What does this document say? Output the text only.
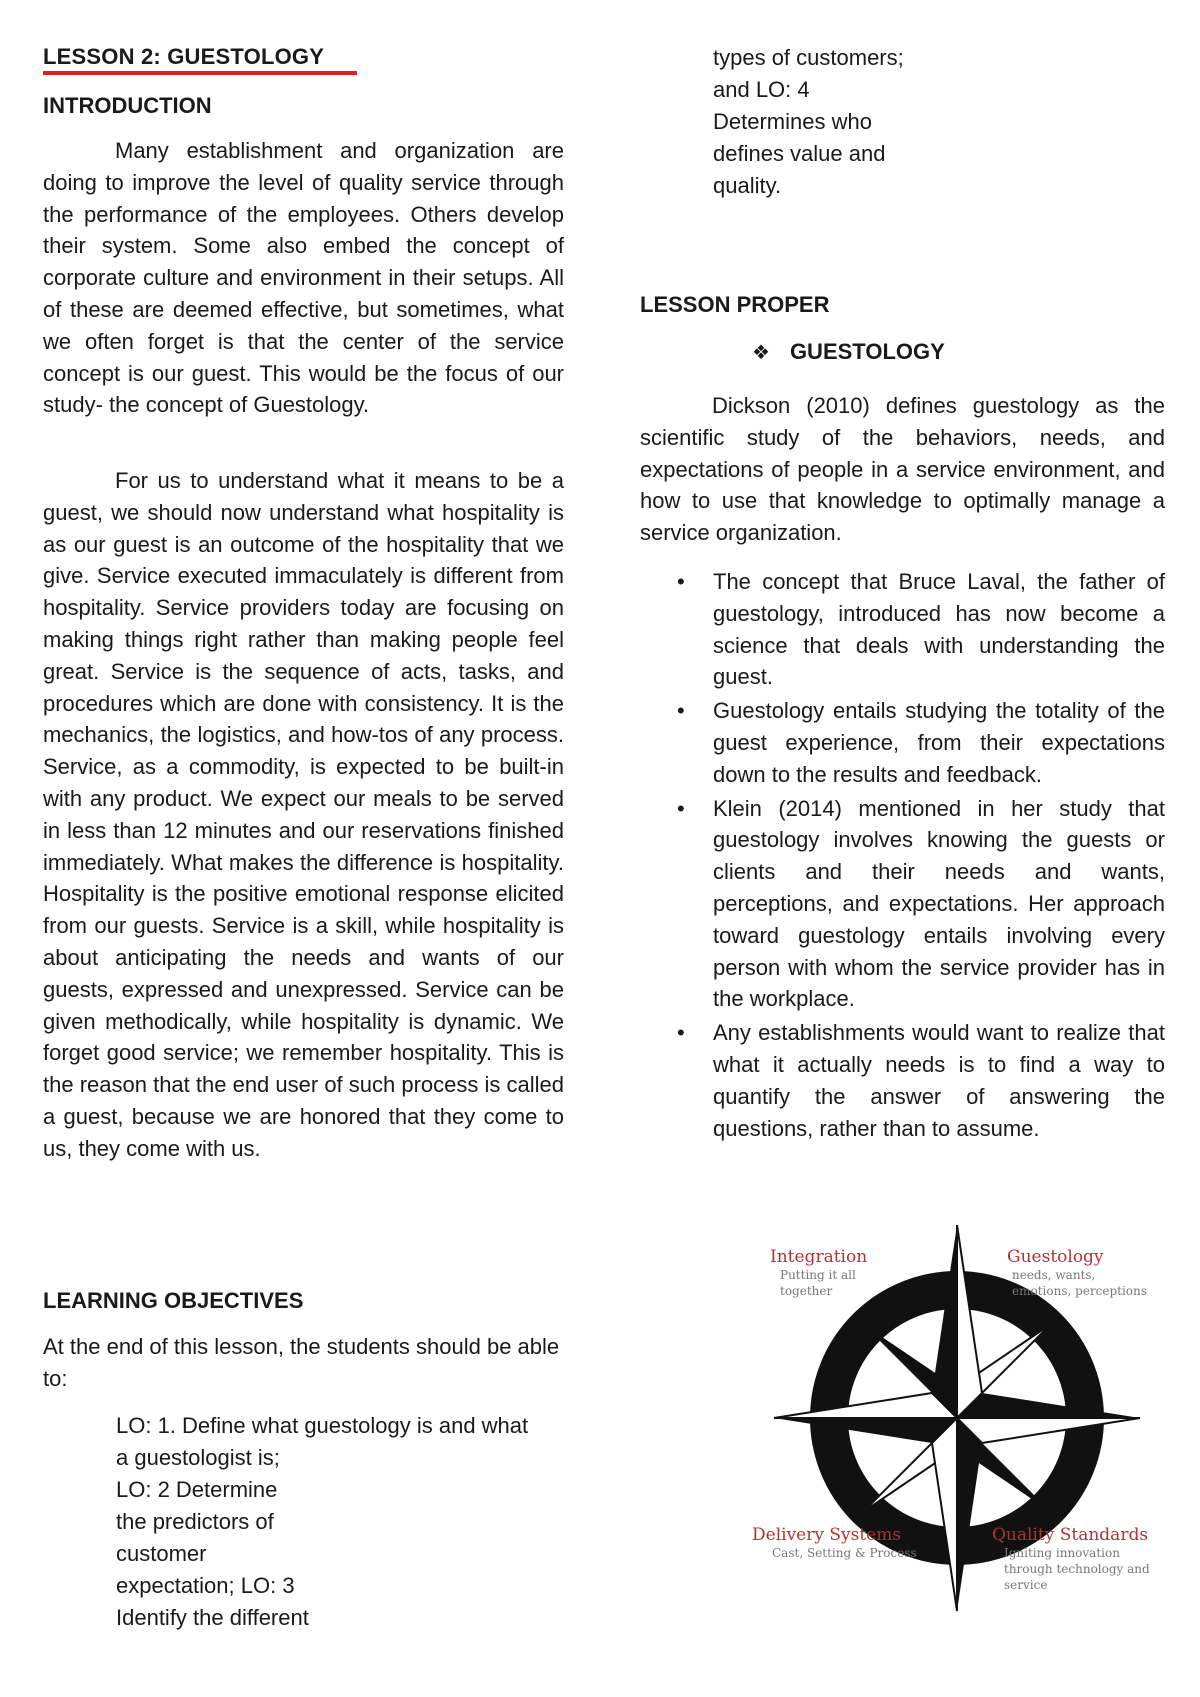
LESSON 2: GUESTOLOGY
INTRODUCTION

Many establishment and organization are doing to improve the level of quality service through the performance of the employees. Others develop their system. Some also embed the concept of corporate culture and environment in their setups. All of these are deemed effective, but sometimes, what we often forget is that the center of the service concept is our guest. This would be the focus of our study- the concept of Guestology.

For us to understand what it means to be a guest, we should now understand what hospitality is as our guest is an outcome of the hospitality that we give. Service executed immaculately is different from hospitality. Service providers today are focusing on making things right rather than making people feel great. Service is the sequence of acts, tasks, and procedures which are done with consistency. It is the mechanics, the logistics, and how-tos of any process. Service, as a commodity, is expected to be built-in with any product. We expect our meals to be served in less than 12 minutes and our reservations finished immediately. What makes the difference is hospitality. Hospitality is the positive emotional response elicited from our guests. Service is a skill, while hospitality is about anticipating the needs and wants of our guests, expressed and unexpressed. Service can be given methodically, while hospitality is dynamic. We forget good service; we remember hospitality. This is the reason that the end user of such process is called a guest, because we are honored that they come to us, they come with us.

LEARNING OBJECTIVES

At the end of this lesson, the students should be able to:

LO: 1. Define what guestology is and what
a guestologist is;
LO: 2 Determine
the predictors of
customer
expectation; LO: 3
Identify the different

types of customers;
and LO: 4
Determines who
defines value and
quality.

LESSON PROPER
❖ GUESTOLOGY

Dickson (2010) defines guestology as the scientific study of the behaviors, needs, and expectations of people in a service environment, and how to use that knowledge to optimally manage a service organization.

• The concept that Bruce Laval, the father of guestology, introduced has now become a science that deals with understanding the guest.
• Guestology entails studying the totality of the guest experience, from their expectations down to the results and feedback.
• Klein (2014) mentioned in her study that guestology involves knowing the guests or clients and their needs and wants, perceptions, and expectations. Her approach toward guestology entails involving every person with whom the service provider has in the workplace.
• Any establishments would want to realize that what it actually needs is to find a way to quantify the answer of answering the questions, rather than to assume.
Integration
Putting it all together
Guestology
needs, wants, emotions, perceptions
Delivery Systems
Cast, Setting & Process
Quality Standards
Igniting innovation through technology and service
